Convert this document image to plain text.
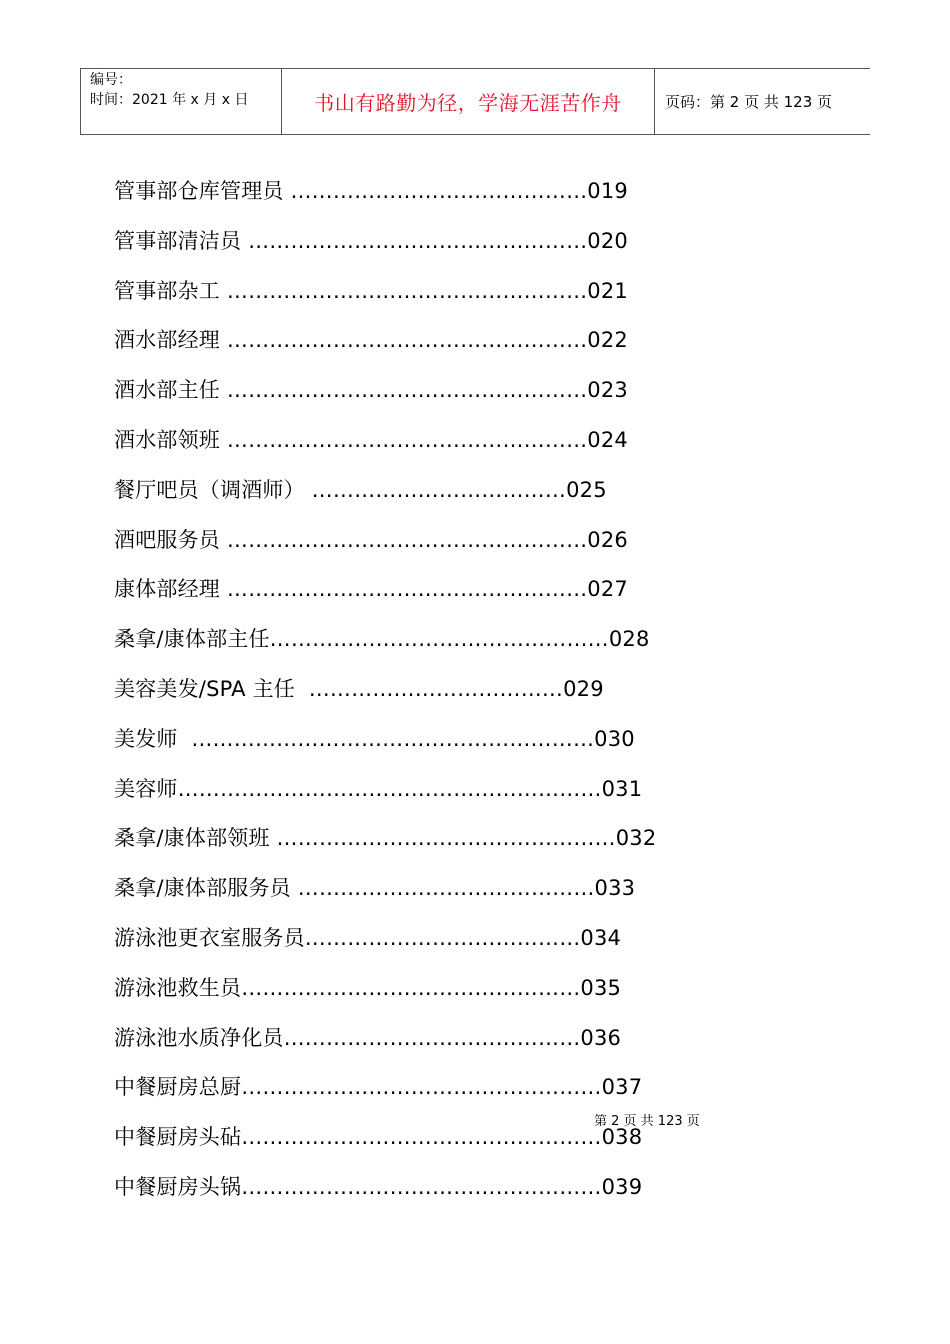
编号：
时间：2021 年 x 月 x 日	书山有路勤为径，学海无涯苦作舟	页码：第 2 页 共 123 页
管事部仓库管理员 ……………………………………019
管事部清洁员 …………………………………………020
管事部杂工 ……………………………………………021
酒水部经理 ……………………………………………022
酒水部主任 ……………………………………………023
酒水部领班 ……………………………………………024
餐厅吧员（调酒师） ………………………………025
酒吧服务员 ……………………………………………026
康体部经理 ……………………………………………027
桑拿/康体部主任…………………………………………028
美容美发/SPA 主任  ………………………………029
美发师  …………………………………………………030
美容师……………………………………………………031
桑拿/康体部领班 …………………………………………032
桑拿/康体部服务员 ……………………………………033
游泳池更衣室服务员…………………………………034
游泳池救生员…………………………………………035
游泳池水质净化员……………………………………036
中餐厨房总厨……………………………………………037
中餐厨房头砧……………………………………………038
中餐厨房头锅……………………………………………039
第 2 页 共 123 页
